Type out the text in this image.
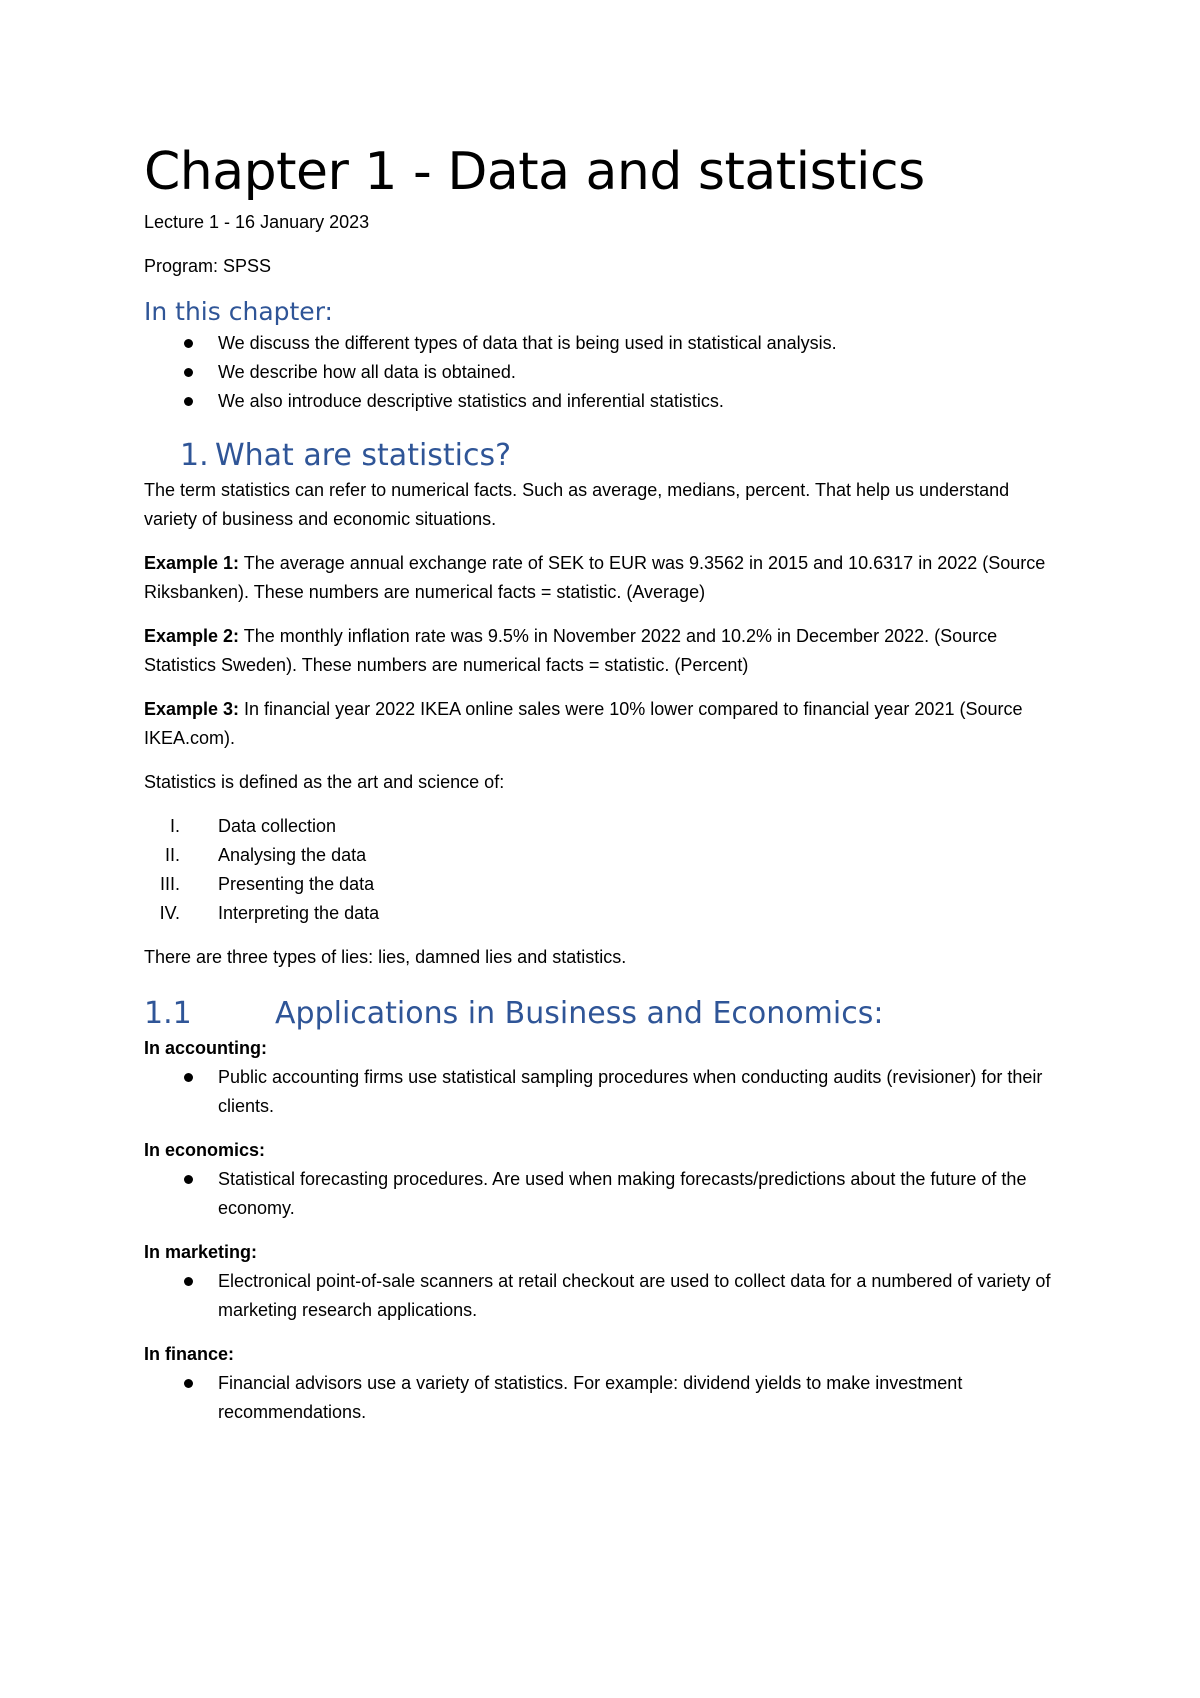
Chapter 1 - Data and statistics

Lecture 1 - 16 January 2023

Program: SPSS

In this chapter:
We discuss the different types of data that is being used in statistical analysis.
We describe how all data is obtained.
We also introduce descriptive statistics and inferential statistics.
1. What are statistics?

The term statistics can refer to numerical facts. Such as average, medians, percent. That help us understand variety of business and economic situations.

Example 1: The average annual exchange rate of SEK to EUR was 9.3562 in 2015 and 10.6317 in 2022 (Source Riksbanken). These numbers are numerical facts = statistic. (Average)

Example 2: The monthly inflation rate was 9.5% in November 2022 and 10.2% in December 2022. (Source Statistics Sweden). These numbers are numerical facts = statistic. (Percent)

Example 3: In financial year 2022 IKEA online sales were 10% lower compared to financial year 2021 (Source IKEA.com).

Statistics is defined as the art and science of:

I. Data collection
II. Analysing the data
III. Presenting the data
IV. Interpreting the data

There are three types of lies: lies, damned lies and statistics.

1.1	Applications in Business and Economics:

In accounting:

Public accounting firms use statistical sampling procedures when conducting audits (revisioner) for their clients.

In economics:

Statistical forecasting procedures. Are used when making forecasts/predictions about the future of the economy.

In marketing:

Electronical point-of-sale scanners at retail checkout are used to collect data for a numbered of variety of marketing research applications.

In finance:

Financial advisors use a variety of statistics. For example: dividend yields to make investment recommendations.
